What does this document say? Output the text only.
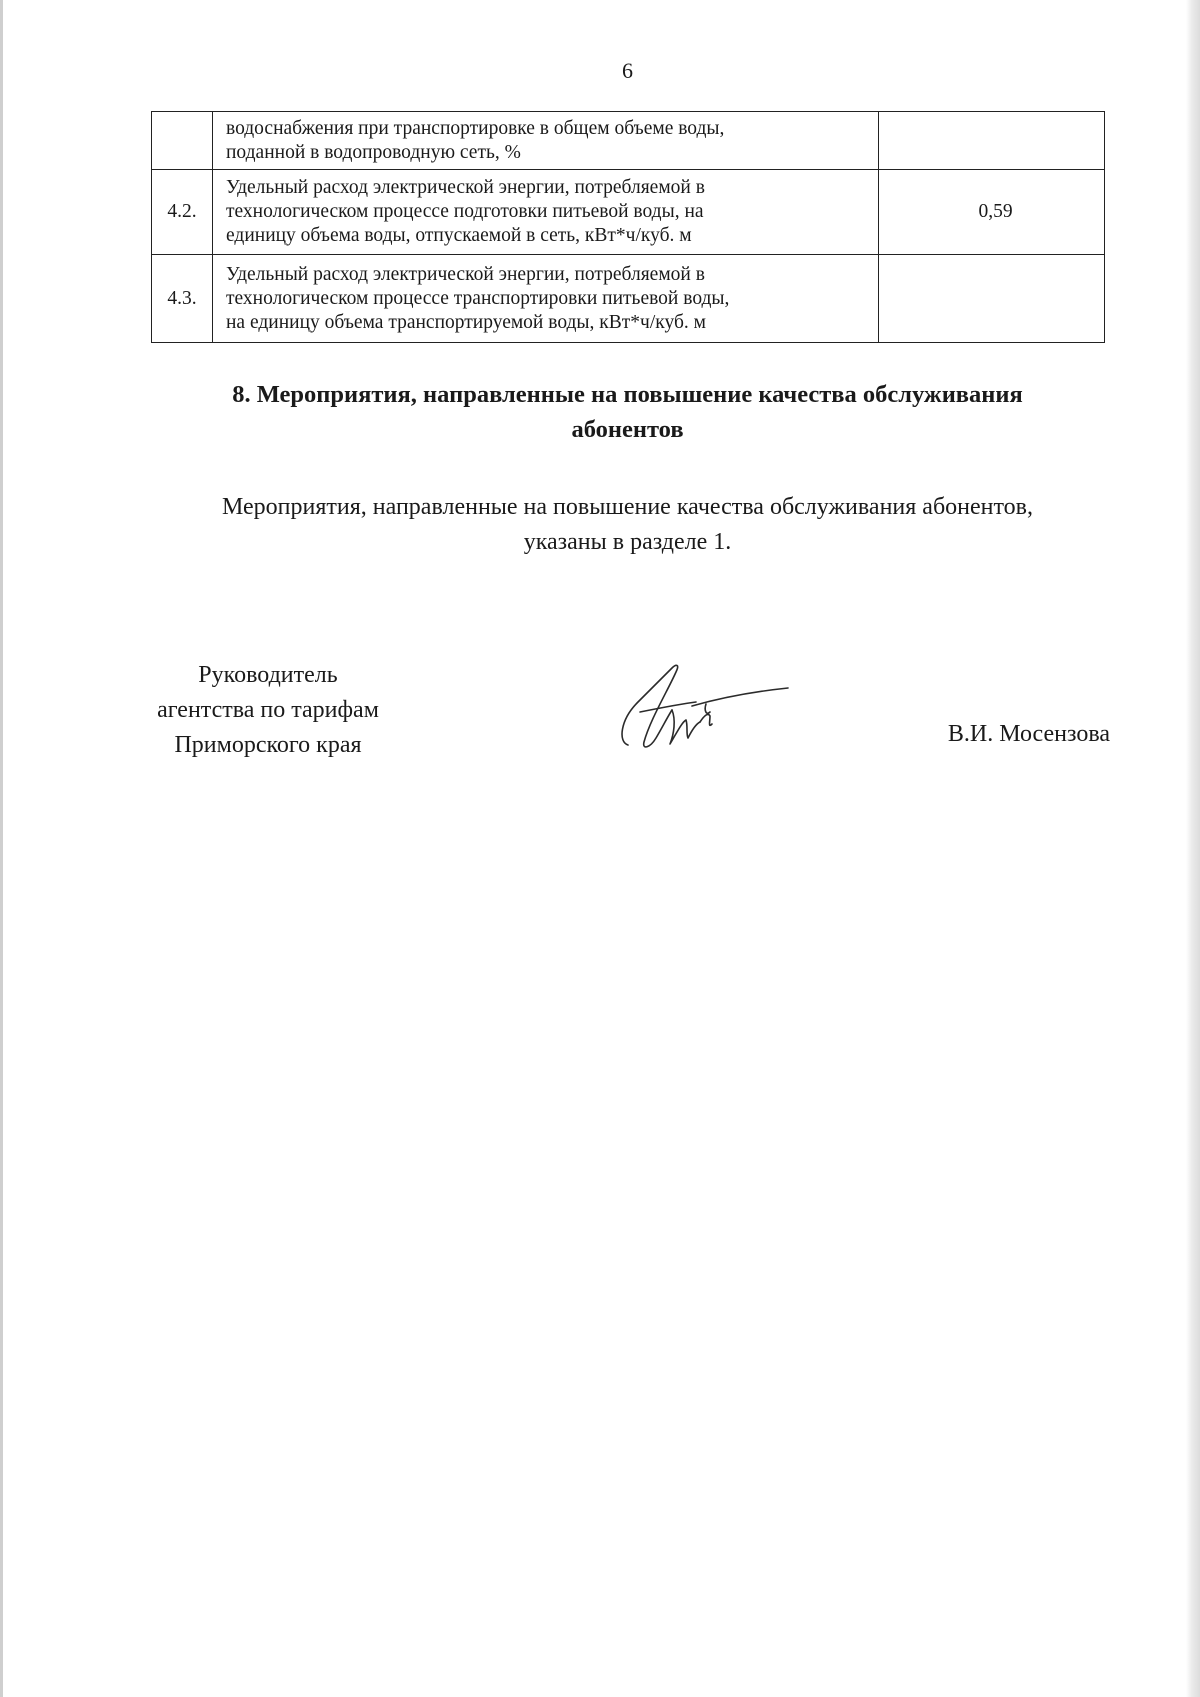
6

	водоснабжения при транспортировке в общем объеме воды,
поданной в водопроводную сеть, %	

4.2.	Удельный расход электрической энергии, потребляемой в
технологическом процессе подготовки питьевой воды, на
единицу объема воды, отпускаемой в сеть, кВт*ч/куб. м	0,59
4.3.	Удельный расход электрической энергии, потребляемой в
технологическом процессе транспортировки питьевой воды,
на единицу объема транспортируемой воды, кВт*ч/куб. м	

8. Мероприятия, направленные на повышение качества обслуживания
абонентов
Мероприятия, направленные на повышение качества обслуживания абонентов,
указаны в разделе 1.
Руководитель
агентства по тарифам
Приморского края	В.И. Мосензова
